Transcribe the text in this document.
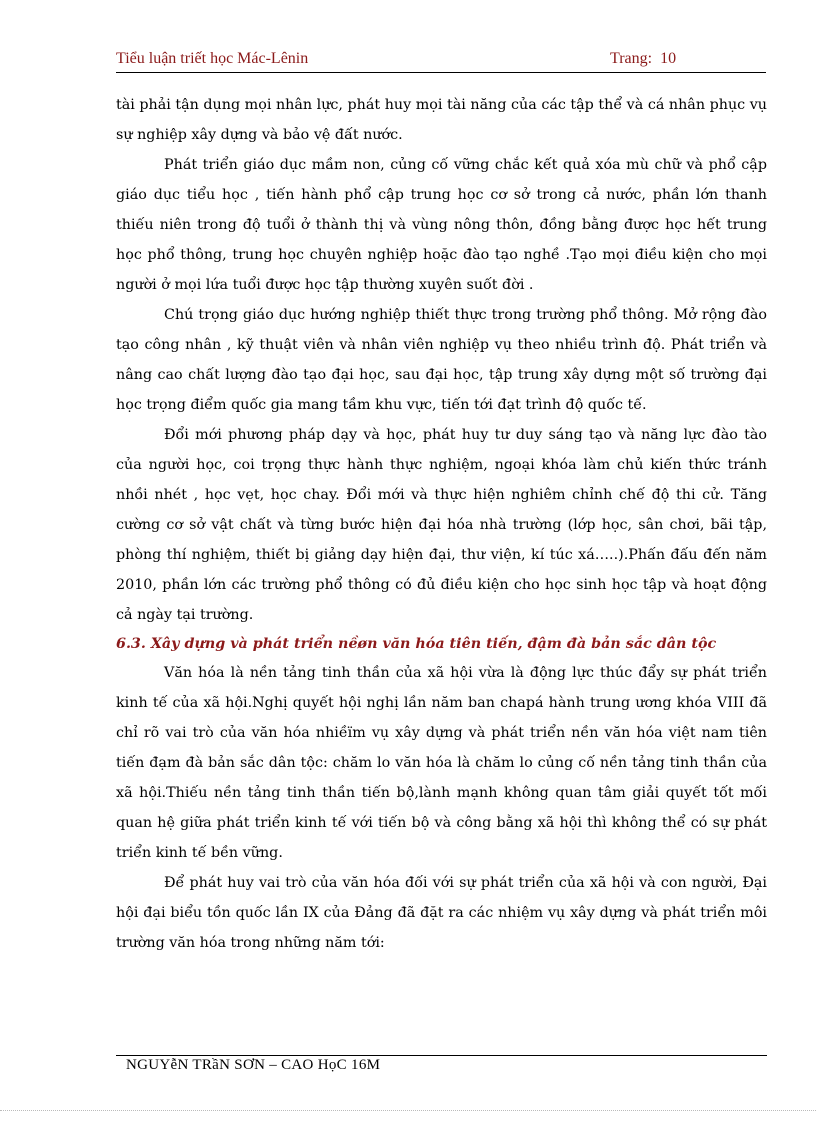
Tiểu luận triết học Mác-Lênin	Trang: 10

tài phải tận dụng mọi nhân lực, phát huy mọi tài năng của các tập thể và cá nhân phục vụ sự nghiệp xây dựng và bảo vệ đất nước.

Phát triển giáo dục mầm non, củng cố vững chắc kết quả xóa mù chữ và phổ cập giáo dục tiểu học , tiến hành phổ cập trung học cơ sở trong cả nước, phần lớn thanh thiếu niên trong độ tuổi ở thành thị và vùng nông thôn, đồng bằng được học hết trung học phổ thông, trung học chuyên nghiệp hoặc đào tạo nghề .Tạo mọi điều kiện cho mọi người ở mọi lứa tuổi được học tập thường xuyên suốt đời .

Chú trọng giáo dục hướng nghiệp thiết thực trong trường phổ thông. Mở rộng đào tạo công nhân , kỹ thuật viên và nhân viên nghiệp vụ theo nhiều trình độ. Phát triển và nâng cao chất lượng đào tạo đại học, sau đại học, tập trung xây dựng một số trường đại học trọng điểm quốc gia mang tầm khu vực, tiến tới đạt trình độ quốc tế.

Đổi mới phương pháp dạy và học, phát huy tư duy sáng tạo và năng lực đào tào của người học, coi trọng thực hành thực nghiệm, ngoại khóa làm chủ kiến thức tránh nhồi nhét , học vẹt, học chay. Đổi mới và thực hiện nghiêm chỉnh chế độ thi cử. Tăng cường cơ sở vật chất và từng bước hiện đại hóa nhà trường (lớp học, sân chơi, bãi tập, phòng thí nghiệm, thiết bị giảng dạy hiện đại, thư viện, kí túc xá…..).Phấn đấu đến năm 2010, phần lớn các trường phổ thông có đủ điều kiện cho học sinh học tập và hoạt động cả ngày tại trường.

6.3. Xây dựng và phát triển nềøn văn hóa tiên tiến, đậm đà bản sắc dân tộc

Văn hóa là nền tảng tinh thần của xã hội vừa là động lực thúc đẩy sự phát triển kinh tế của xã hội.Nghị quyết hội nghị lần năm ban chapá hành trung ương khóa VIII đã chỉ rõ vai trò của văn hóa nhiềïm vụ xây dựng và phát triển nền văn hóa việt nam tiên tiến đạm đà bản sắc dân tộc: chăm lo văn hóa là chăm lo củng cố nền tảng tinh thần của xã hội.Thiếu nền tảng tinh thần tiến bộ,lành mạnh không quan tâm giải quyết tốt mối quan hệ giữa phát triển kinh tế với tiến bộ và công bằng xã hội thì không thể có sự phát triển kinh tế bền vững.

Để phát huy vai trò của văn hóa đối với sự phát triển của xã hội và con người, Đại hội đại biểu tồn quốc lần IX của Đảng đã đặt ra các nhiệm vụ xây dựng và phát triển môi trường văn hóa trong những năm tới:

NGUYễN TRầN SƠN – CAO HọC 16M
